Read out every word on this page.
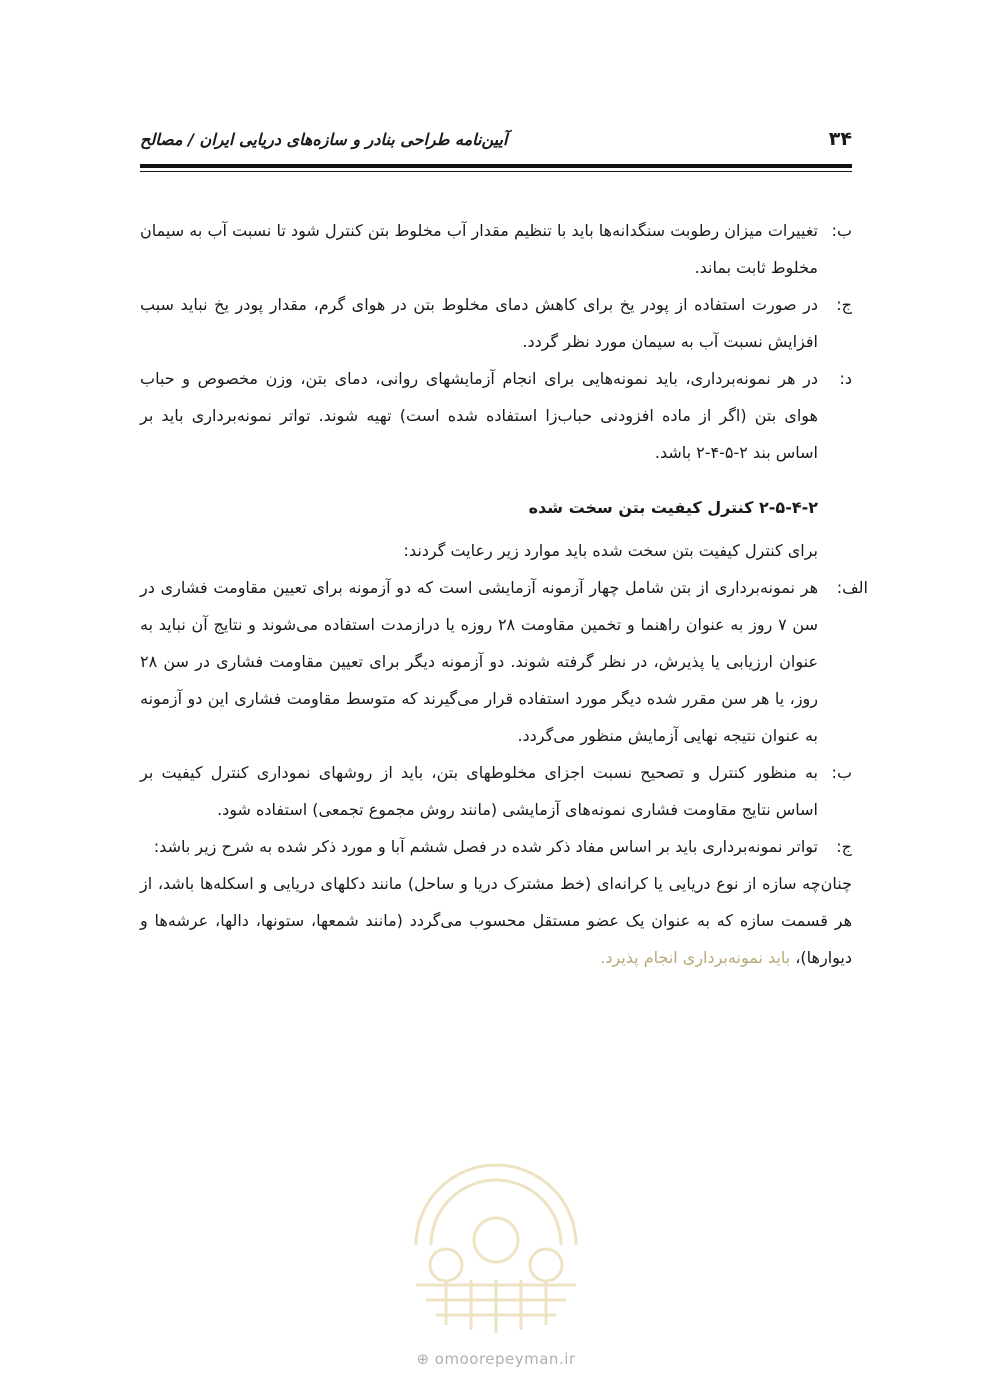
۳۴
آیین‌نامه طراحی بنادر و سازه‌های دریایی ایران / مصالح
ب:
تغییرات میزان رطوبت سنگدانه‌ها باید با تنظیم مقدار آب مخلوط بتن کنترل شود تا نسبت آب به سیمان مخلوط ثابت بماند.
ج:
در صورت استفاده از پودر یخ برای کاهش دمای مخلوط بتن در هوای گرم، مقدار پودر یخ نباید سبب افزایش نسبت آب به سیمان مورد نظر گردد.
د:
در هر نمونه‌برداری، باید نمونه‌هایی برای انجام آزمایشهای روانی، دمای بتن، وزن مخصوص و حباب هوای بتن (اگر از ماده افزودنی حباب‌زا استفاده شده است) تهیه شوند. تواتر نمونه‌برداری باید بر اساس بند ۲-۵-۴-۲ باشد.
۲-۵-۴-۲ کنترل کیفیت بتن سخت شده
برای کنترل کیفیت بتن سخت شده باید موارد زیر رعایت گردند:
الف:
هر نمونه‌برداری از بتن شامل چهار آزمونه آزمایشی است که دو آزمونه برای تعیین مقاومت فشاری در سن ۷ روز به عنوان راهنما و تخمین مقاومت ۲۸ روزه یا درازمدت استفاده می‌شوند و نتایج آن نباید به عنوان ارزیابی یا پذیرش، در نظر گرفته شوند. دو آزمونه دیگر برای تعیین مقاومت فشاری در سن ۲۸ روز، یا هر سن مقرر شده دیگر مورد استفاده قرار می‌گیرند که متوسط مقاومت فشاری این دو آزمونه به عنوان نتیجه نهایی آزمایش منظور می‌گردد.
ب:
به منظور کنترل و تصحیح نسبت اجزای مخلوطهای بتن، باید از روشهای نموداری کنترل کیفیت بر اساس نتایج مقاومت فشاری نمونه‌های آزمایشی (مانند روش مجموع تجمعی) استفاده شود.
ج:
تواتر نمونه‌برداری باید بر اساس مفاد ذکر شده در فصل ششم آبا و مورد ذکر شده به شرح زیر باشد:
چنان‌چه سازه از نوع دریایی یا کرانه‌ای (خط مشترک دریا و ساحل) مانند دکلهای دریایی و اسکله‌ها باشد، از هر قسمت سازه که به عنوان یک عضو مستقل محسوب می‌گردد (مانند شمعها، ستونها، دالها، عرشه‌ها و دیوارها)، باید نمونه‌برداری انجام پذیرد.
⊕ omoorepeyman.ir
